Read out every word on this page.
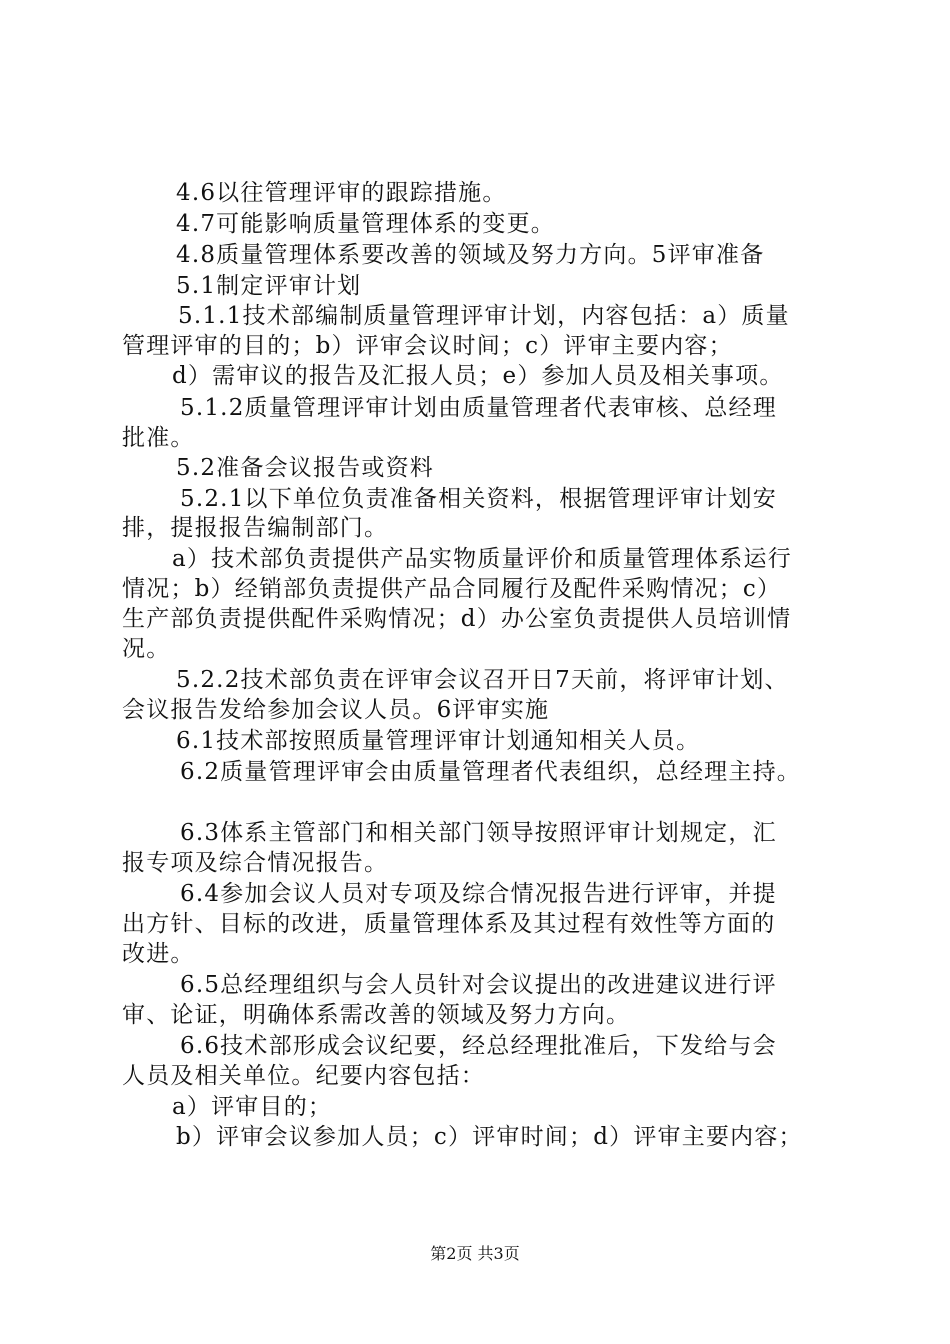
4.6以往管理评审的跟踪措施。

4.7可能影响质量管理体系的变更。

4.8质量管理体系要改善的领域及努力方向。5评审准备

5.1制定评审计划

5.1.1技术部编制质量管理评审计划，内容包括：a）质量

管理评审的目的；b）评审会议时间；c）评审主要内容；

d）需审议的报告及汇报人员；e）参加人员及相关事项。

5.1.2质量管理评审计划由质量管理者代表审核、总经理

批准。

5.2准备会议报告或资料

5.2.1以下单位负责准备相关资料，根据管理评审计划安

排，提报报告编制部门。

a）技术部负责提供产品实物质量评价和质量管理体系运行

情况；b）经销部负责提供产品合同履行及配件采购情况；c）

生产部负责提供配件采购情况；d）办公室负责提供人员培训情

况。

5.2.2技术部负责在评审会议召开日7天前，将评审计划、

会议报告发给参加会议人员。6评审实施

6.1技术部按照质量管理评审计划通知相关人员。

6.2质量管理评审会由质量管理者代表组织，总经理主持。

6.3体系主管部门和相关部门领导按照评审计划规定，汇

报专项及综合情况报告。

6.4参加会议人员对专项及综合情况报告进行评审，并提

出方针、目标的改进，质量管理体系及其过程有效性等方面的

改进。

6.5总经理组织与会人员针对会议提出的改进建议进行评

审、论证，明确体系需改善的领域及努力方向。

6.6技术部形成会议纪要，经总经理批准后，下发给与会

人员及相关单位。纪要内容包括：

a）评审目的；

b）评审会议参加人员；c）评审时间；d）评审主要内容；

第2页 共3页
